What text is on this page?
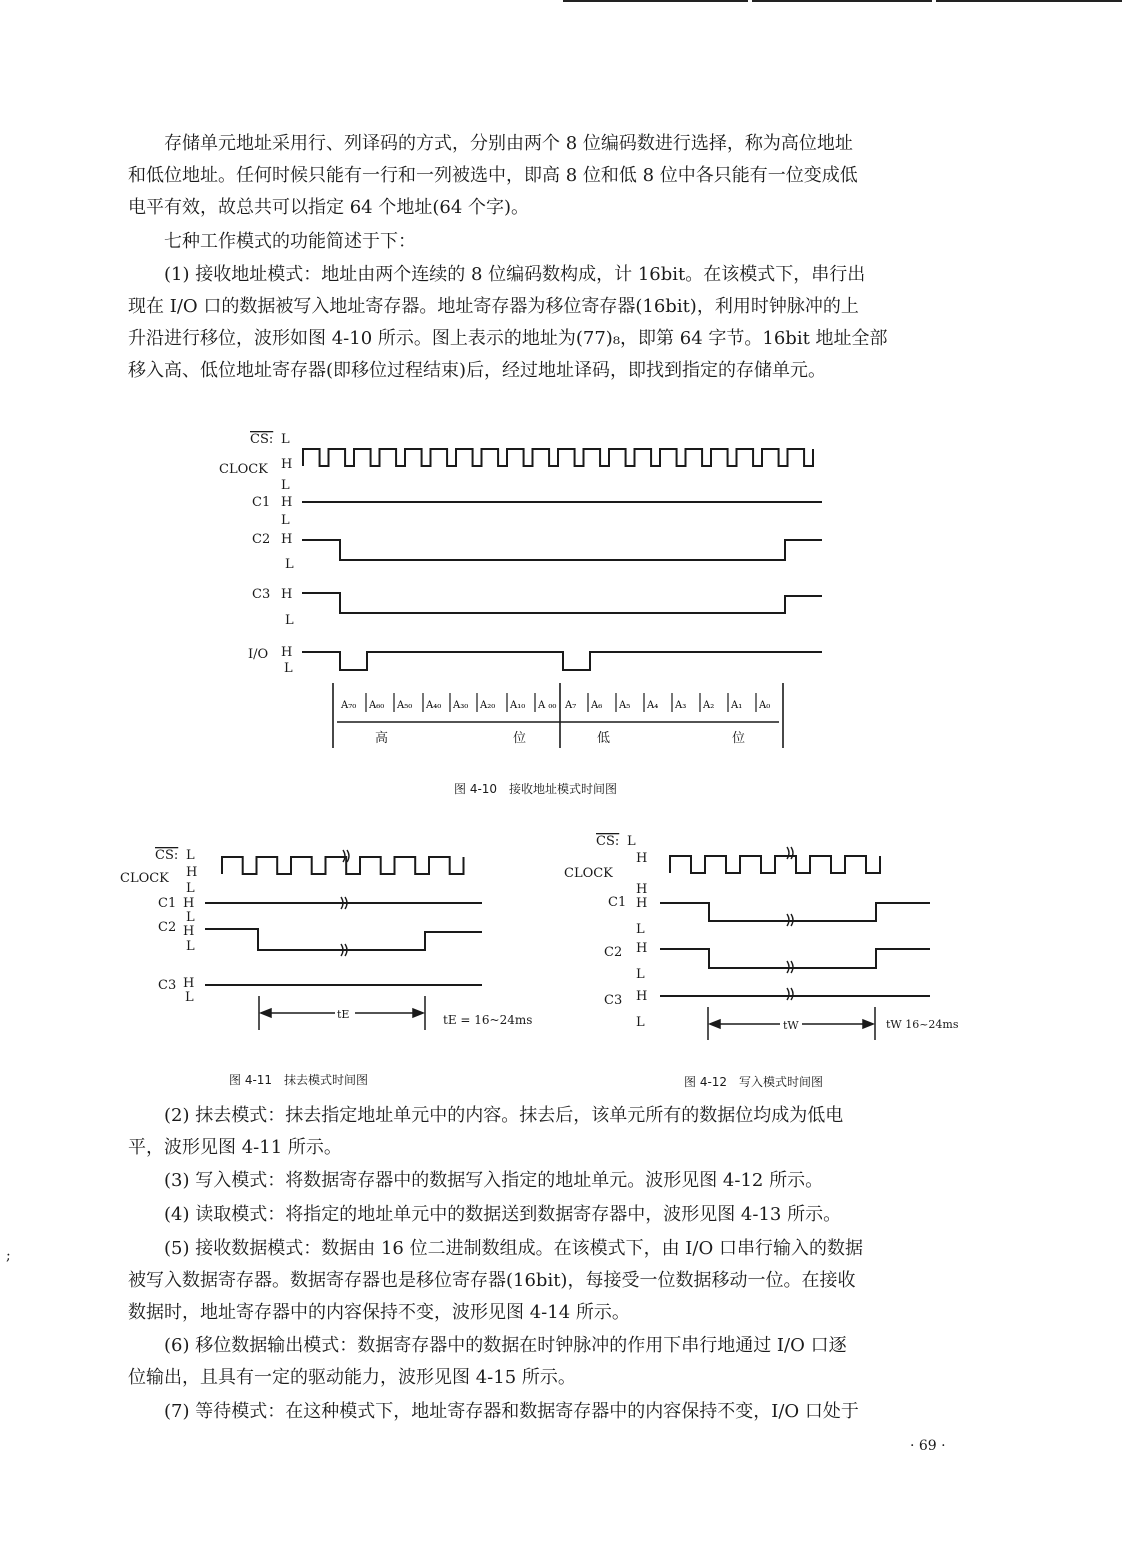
存储单元地址采用行、列译码的方式，分别由两个 8 位编码数进行选择，称为高位地址
和低位地址。任何时候只能有一行和一列被选中，即高 8 位和低 8 位中各只能有一位变成低
电平有效，故总共可以指定 64 个地址(64 个字)。
七种工作模式的功能简述于下：
(1) 接收地址模式：地址由两个连续的 8 位编码数构成，计 16bit。在该模式下，串行出
现在 I/O 口的数据被写入地址寄存器。地址寄存器为移位寄存器(16bit)，利用时钟脉冲的上
升沿进行移位，波形如图 4-10 所示。图上表示的地址为(77)₈，即第 64 字节。16bit 地址全部
移入高、低位地址寄存器(即移位过程结束)后，经过地址译码，即找到指定的存储单元。
A₇₀ A₆₀ A₅₀ A₄₀ A₃₀ A₂₀ A₁₀ A ₀₀ A₇ A₆ A₅ A₄ A₃ A₂ A₁ A₀
CS: L
CLOCK H
L
C1 H
L
C2 H
L
C3 H
L
I/O H
L
高	位	低	位
图 4-10　接收地址模式时间图
CS: L
CLOCK H
L
C1 H
L
C2 H
L
C3 H
L
tE	tE = 16~24ms
图 4-11　抹去模式时间图
CS: L
CLOCK
H
H
C1 H
L
C2 H
L
C3 H
L	tW	tW 16~24ms
图 4-12　写入模式时间图
(2) 抹去模式：抹去指定地址单元中的内容。抹去后，该单元所有的数据位均成为低电
平，波形见图 4-11 所示。
(3) 写入模式：将数据寄存器中的数据写入指定的地址单元。波形见图 4-12 所示。
(4) 读取模式：将指定的地址单元中的数据送到数据寄存器中，波形见图 4-13 所示。
(5) 接收数据模式：数据由 16 位二进制数组成。在该模式下，由 I/O 口串行输入的数据
被写入数据寄存器。数据寄存器也是移位寄存器(16bit)，每接受一位数据移动一位。在接收
数据时，地址寄存器中的内容保持不变，波形见图 4-14 所示。
(6) 移位数据输出模式：数据寄存器中的数据在时钟脉冲的作用下串行地通过 I/O 口逐
位输出，且具有一定的驱动能力，波形见图 4-15 所示。
(7) 等待模式：在这种模式下，地址寄存器和数据寄存器中的内容保持不变，I/O 口处于
· 69 ·
;
